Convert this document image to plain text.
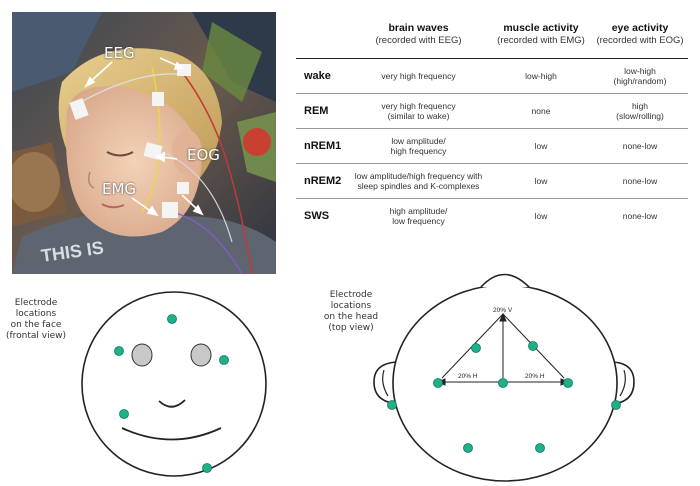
THIS IS
EEG
EOG
EMG
brain waves
(recorded with EEG)
muscle activity
(recorded with EMG)
eye activity
(recorded with EOG)
wake	very high frequency	low-high	low-high
(high/random)
REM	very high frequency
(similar to wake)	none	high
(slow/rolling)
nREM1	low amplitude/
high frequency	low	none-low
nREM2	low amplitude/high frequency with
sleep spindles and K-complexes	low	none-low
SWS	high amplitude/
low frequency	low	none-low
Electrode
locations
on the face
(frontal view)
Electrode
locations
on the head
(top view)
20% V
20% H	20% H
